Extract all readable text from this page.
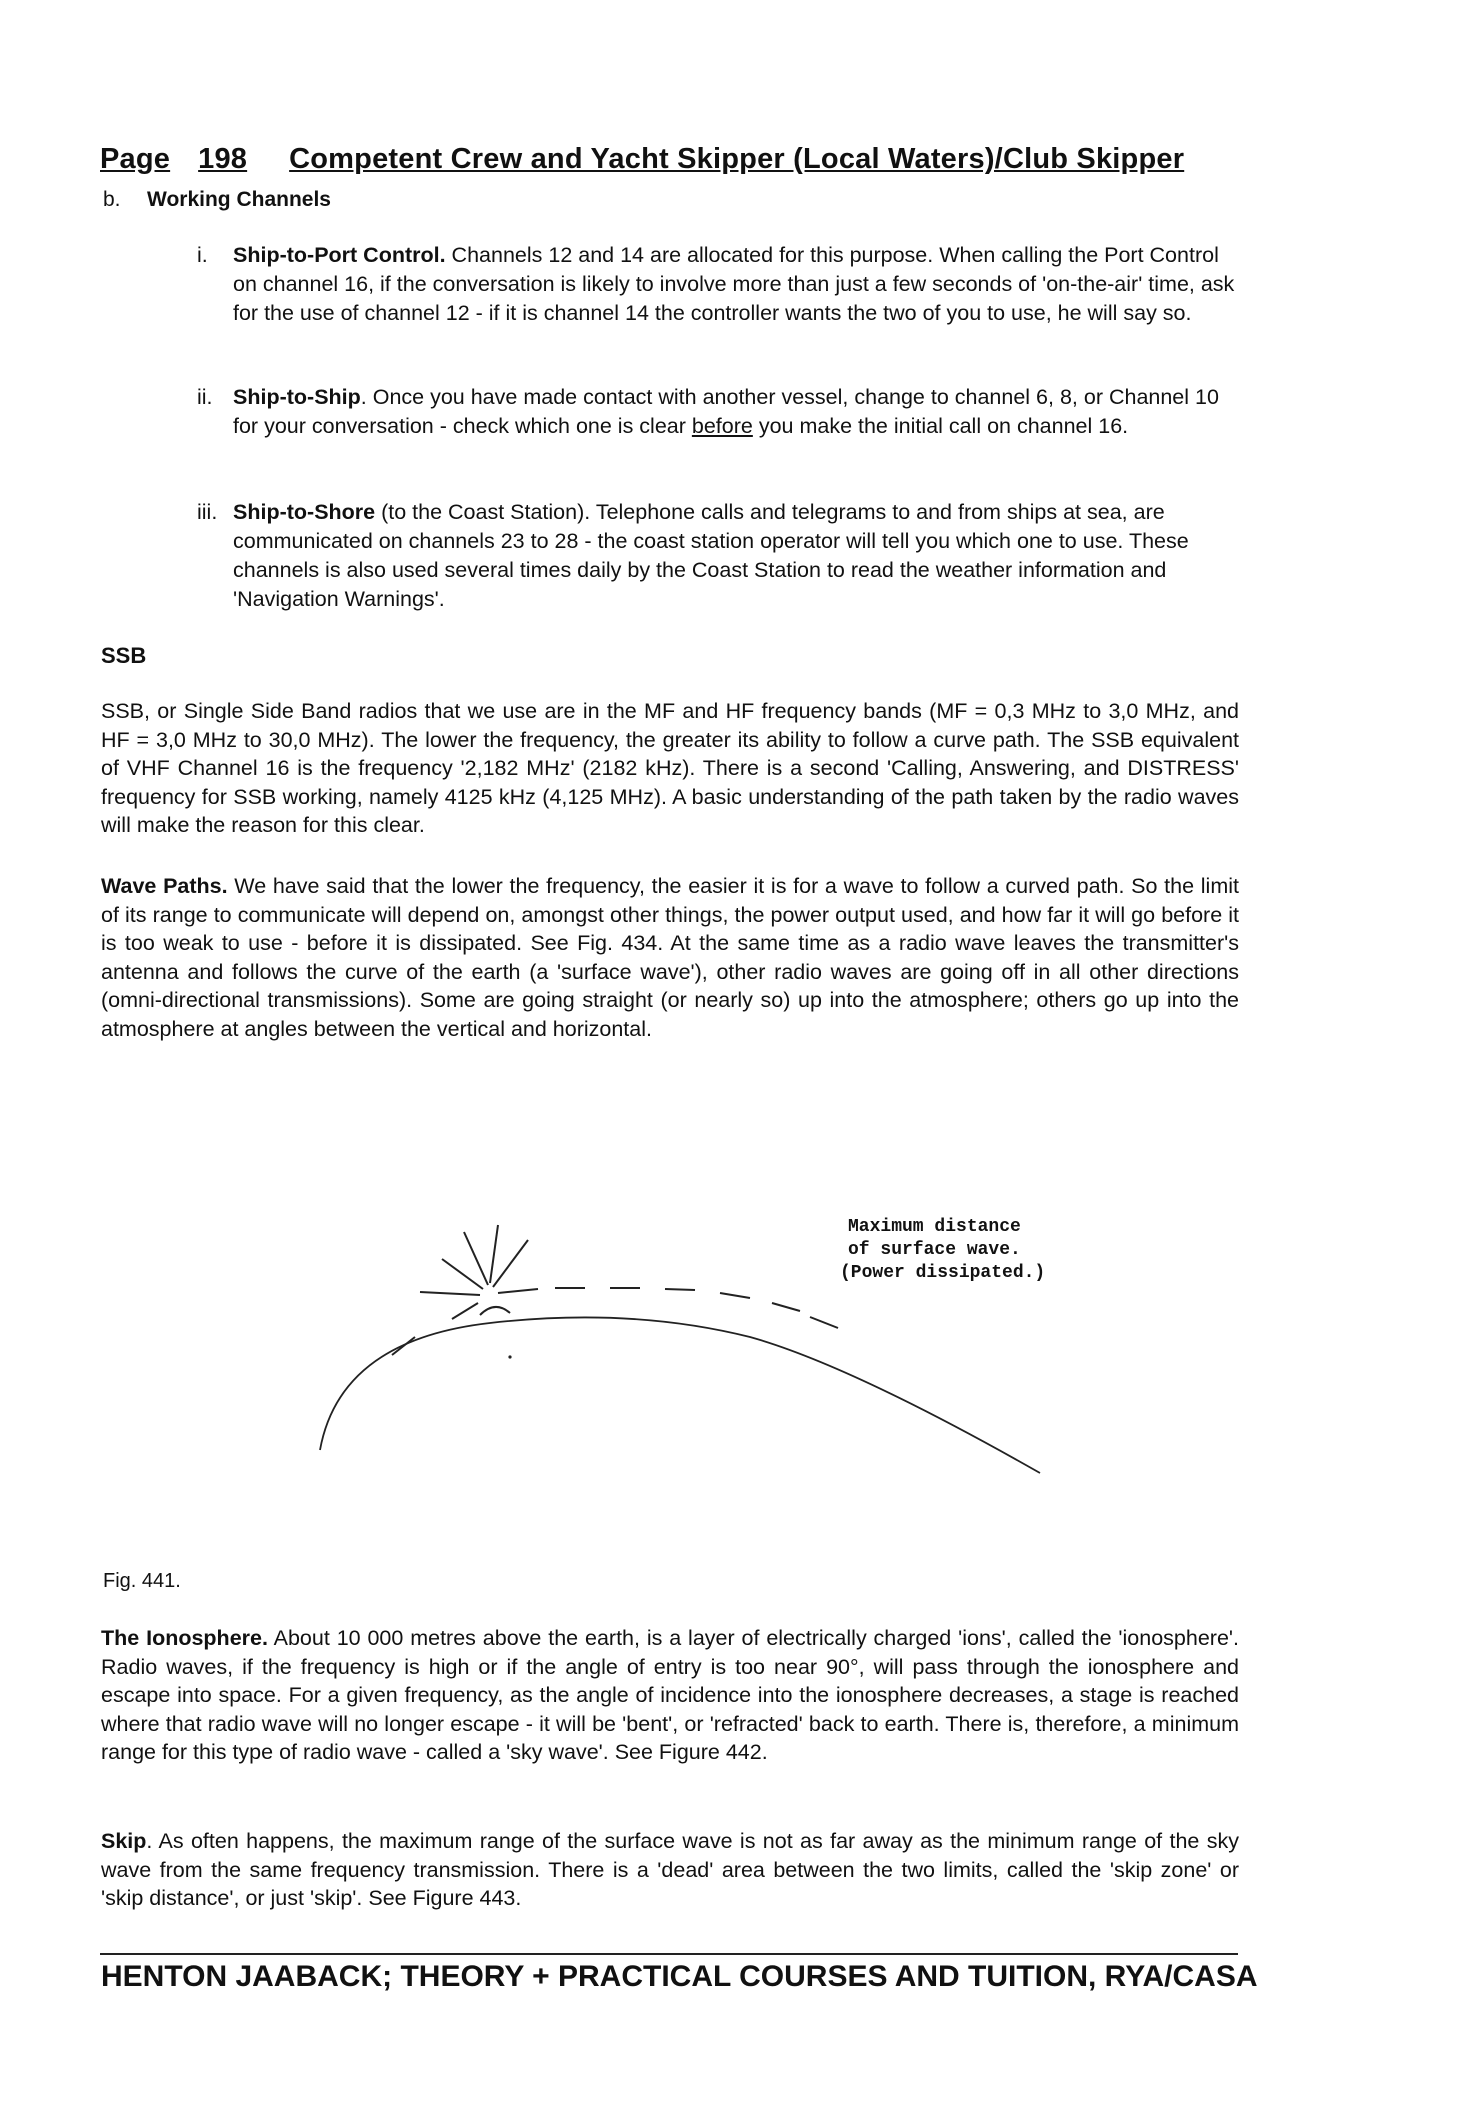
Page 198 Competent Crew and Yacht Skipper (Local Waters)/Club Skipper
b. Working Channels
i. Ship-to-Port Control. Channels 12 and 14 are allocated for this purpose. When calling the Port Control on channel 16, if the conversation is likely to involve more than just a few seconds of 'on-the-air' time, ask for the use of channel 12 - if it is channel 14 the controller wants the two of you to use, he will say so.
ii. Ship-to-Ship. Once you have made contact with another vessel, change to channel 6, 8, or Channel 10 for your conversation - check which one is clear before you make the initial call on channel 16.
iii. Ship-to-Shore (to the Coast Station). Telephone calls and telegrams to and from ships at sea, are communicated on channels 23 to 28 - the coast station operator will tell you which one to use. These channels is also used several times daily by the Coast Station to read the weather information and 'Navigation Warnings'.
SSB
SSB, or Single Side Band radios that we use are in the MF and HF frequency bands (MF = 0,3 MHz to 3,0 MHz, and HF = 3,0 MHz to 30,0 MHz). The lower the frequency, the greater its ability to follow a curve path. The SSB equivalent of VHF Channel 16 is the frequency '2,182 MHz' (2182 kHz). There is a second 'Calling, Answering, and DISTRESS' frequency for SSB working, namely 4125 kHz (4,125 MHz). A basic understanding of the path taken by the radio waves will make the reason for this clear.
Wave Paths. We have said that the lower the frequency, the easier it is for a wave to follow a curved path. So the limit of its range to communicate will depend on, amongst other things, the power output used, and how far it will go before it is too weak to use - before it is dissipated. See Fig. 434. At the same time as a radio wave leaves the transmitter's antenna and follows the curve of the earth (a 'surface wave'), other radio waves are going off in all other directions (omni-directional transmissions). Some are going straight (or nearly so) up into the atmosphere; others go up into the atmosphere at angles between the vertical and horizontal.
Maximum distance
of surface wave.
(Power dissipated.)
Fig. 441.
The Ionosphere. About 10 000 metres above the earth, is a layer of electrically charged 'ions', called the 'ionosphere'. Radio waves, if the frequency is high or if the angle of entry is too near 90°, will pass through the ionosphere and escape into space. For a given frequency, as the angle of incidence into the ionosphere decreases, a stage is reached where that radio wave will no longer escape - it will be 'bent', or 'refracted' back to earth. There is, therefore, a minimum range for this type of radio wave - called a 'sky wave'. See Figure 442.
Skip. As often happens, the maximum range of the surface wave is not as far away as the minimum range of the sky wave from the same frequency transmission. There is a 'dead' area between the two limits, called the 'skip zone' or 'skip distance', or just 'skip'. See Figure 443.
HENTON JAABACK; THEORY + PRACTICAL COURSES AND TUITION, RYA/CASA
